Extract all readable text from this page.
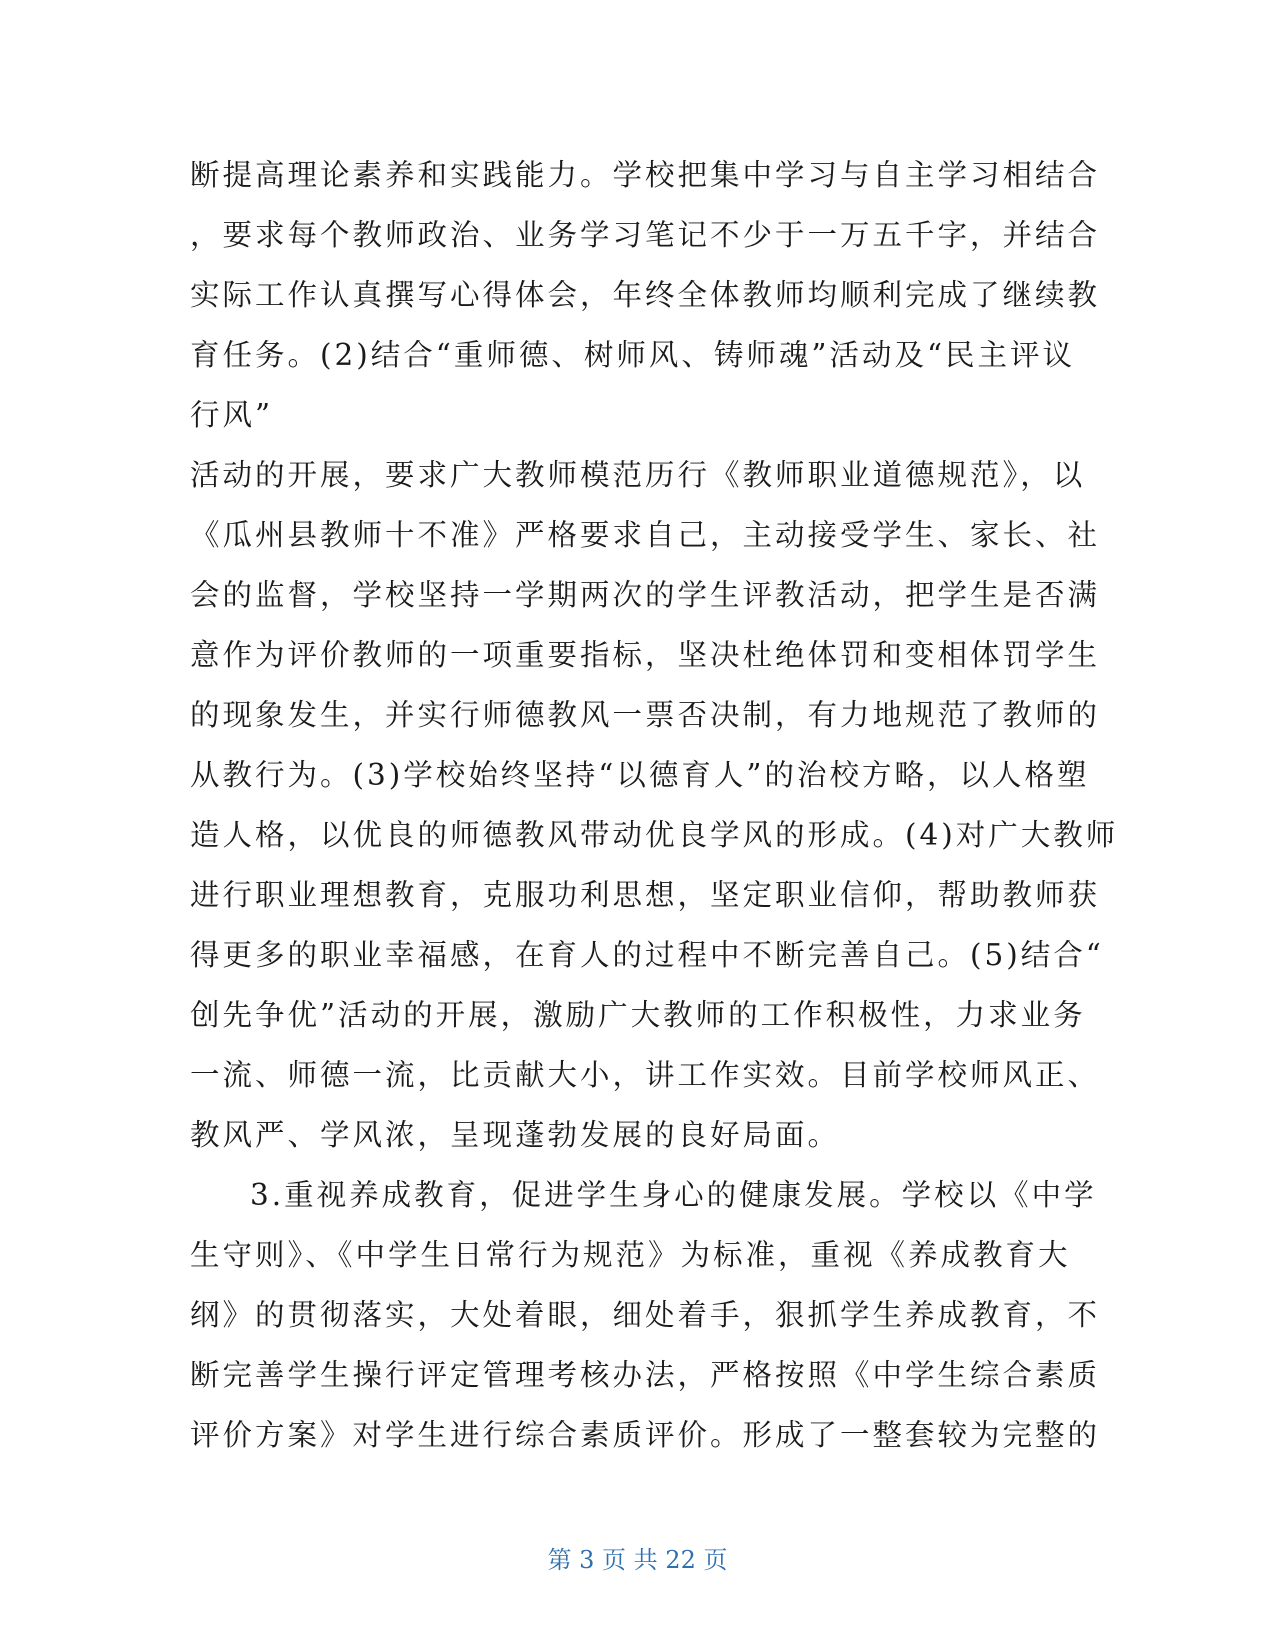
断提高理论素养和实践能力。学校把集中学习与自主学习相结合
，要求每个教师政治、业务学习笔记不少于一万五千字，并结合
实际工作认真撰写心得体会，年终全体教师均顺利完成了继续教
育任务。(2)结合“重师德、树师风、铸师魂”活动及“民主评议
行风”
活动的开展，要求广大教师模范历行《教师职业道德规范》，以
《瓜州县教师十不准》严格要求自己，主动接受学生、家长、社
会的监督，学校坚持一学期两次的学生评教活动，把学生是否满
意作为评价教师的一项重要指标，坚决杜绝体罚和变相体罚学生
的现象发生，并实行师德教风一票否决制，有力地规范了教师的
从教行为。(3)学校始终坚持“以德育人”的治校方略，以人格塑
造人格，以优良的师德教风带动优良学风的形成。(4)对广大教师
进行职业理想教育，克服功利思想，坚定职业信仰，帮助教师获
得更多的职业幸福感，在育人的过程中不断完善自己。(5)结合“
创先争优”活动的开展，激励广大教师的工作积极性，力求业务
一流、师德一流，比贡献大小，讲工作实效。目前学校师风正、
教风严、学风浓，呈现蓬勃发展的良好局面。
3.重视养成教育，促进学生身心的健康发展。学校以《中学
生守则》、《中学生日常行为规范》为标准，重视《养成教育大
纲》的贯彻落实，大处着眼，细处着手，狠抓学生养成教育，不
断完善学生操行评定管理考核办法，严格按照《中学生综合素质
评价方案》对学生进行综合素质评价。形成了一整套较为完整的
第 3 页 共 22 页
